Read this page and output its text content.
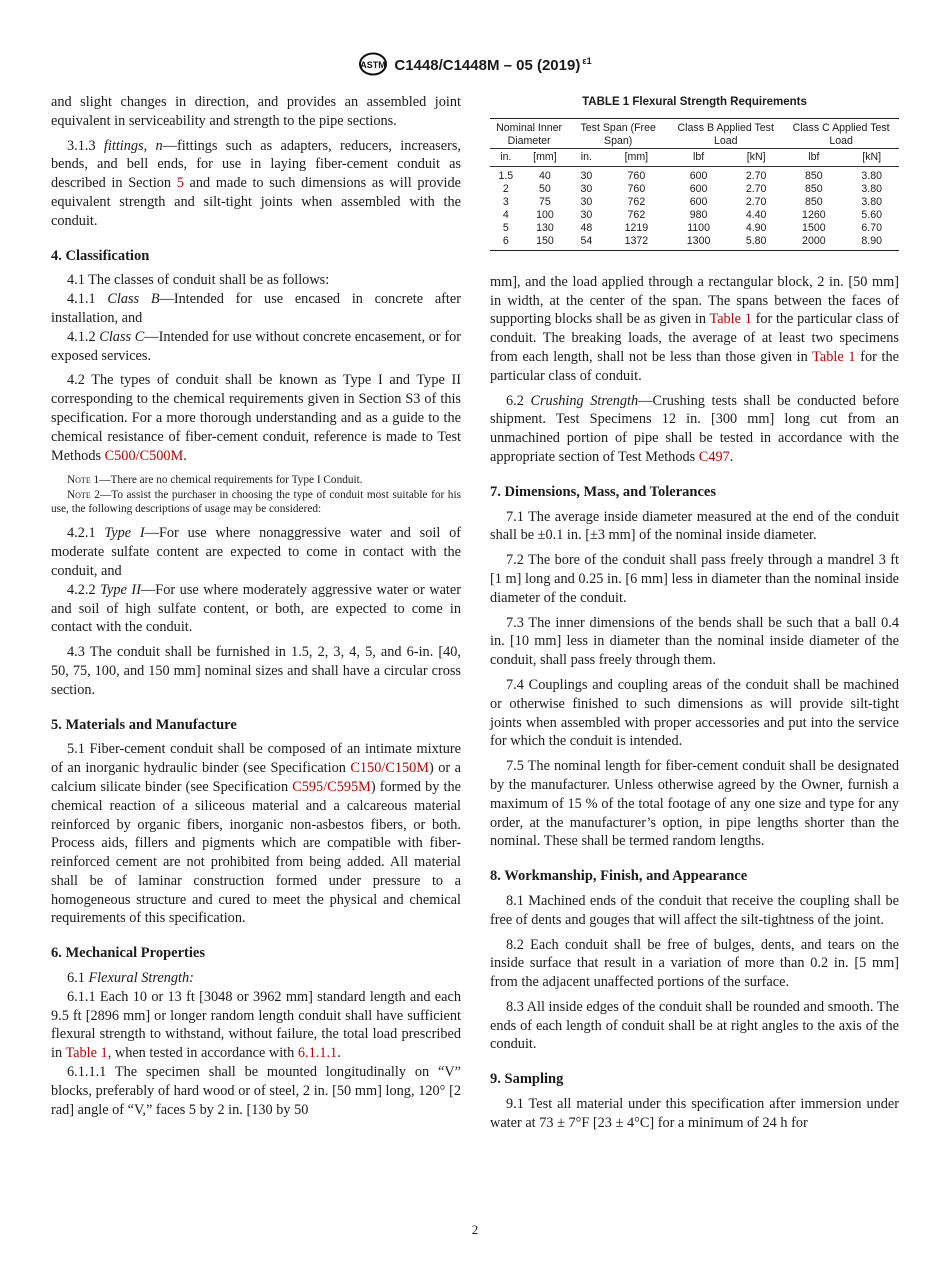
ASTM C1448/C1448M – 05 (2019) $^{\varepsilon 1}$

and slight changes in direction, and provides an assembled joint equivalent in serviceability and strength to the pipe sections.

3.1.3 fittings, n—fittings such as adapters, reducers, increasers, bends, and bell ends, for use in laying fiber-cement conduit as described in Section 5 and made to such dimensions as will provide equivalent strength and silt-tight joints when assembled with the conduit.

4. Classification

4.1 The classes of conduit shall be as follows:

4.1.1 Class B—Intended for use encased in concrete after installation, and

4.1.2 Class C—Intended for use without concrete encasement, or for exposed services.

4.2 The types of conduit shall be known as Type I and Type II corresponding to the chemical requirements given in Section S3 of this specification. For a more thorough understanding and as a guide to the chemical resistance of fiber-cement conduit, reference is made to Test Methods C500/C500M.

Note 1—There are no chemical requirements for Type I Conduit.

Note 2—To assist the purchaser in choosing the type of conduit most suitable for his use, the following descriptions of usage may be considered:

4.2.1 Type I—For use where nonaggressive water and soil of moderate sulfate content are expected to come in contact with the conduit, and

4.2.2 Type II—For use where moderately aggressive water or water and soil of high sulfate content, or both, are expected to come in contact with the conduit.

4.3 The conduit shall be furnished in 1.5, 2, 3, 4, 5, and 6-in. [40, 50, 75, 100, and 150 mm] nominal sizes and shall have a circular cross section.

5. Materials and Manufacture

5.1 Fiber-cement conduit shall be composed of an intimate mixture of an inorganic hydraulic binder (see Specification C150/C150M) or a calcium silicate binder (see Specification C595/C595M) formed by the chemical reaction of a siliceous material and a calcareous material reinforced by organic fibers, inorganic non-asbestos fibers, or both. Process aids, fillers and pigments which are compatible with fiber-reinforced cement are not prohibited from being added. All material shall be of laminar construction formed under pressure to a homogeneous structure and cured to meet the physical and chemical requirements of this specification.

6. Mechanical Properties

6.1 Flexural Strength:

6.1.1 Each 10 or 13 ft [3048 or 3962 mm] standard length and each 9.5 ft [2896 mm] or longer random length conduit shall have sufficient flexural strength to withstand, without failure, the total load prescribed in Table 1, when tested in accordance with 6.1.1.1.

6.1.1.1 The specimen shall be mounted longitudinally on “V” blocks, preferably of hard wood or of steel, 2 in. [50 mm] long, 120° [2 rad] angle of “V,” faces 5 by 2 in. [130 by 50

TABLE 1 Flexural Strength Requirements
Nominal Inner Diameter		Test Span (Free Span)		Class B Applied Test Load		Class C Applied Test Load	
in.	[mm]	in.	[mm]	lbf	[kN]	lbf	[kN]
1.5	40	30	760	600	2.70	850	3.80
2	50	30	760	600	2.70	850	3.80
3	75	30	762	600	2.70	850	3.80
4	100	30	762	980	4.40	1260	5.60
5	130	48	1219	1100	4.90	1500	6.70
6	150	54	1372	1300	5.80	2000	8.90

mm], and the load applied through a rectangular block, 2 in. [50 mm] in width, at the center of the span. The spans between the faces of supporting blocks shall be as given in Table 1 for the particular class of conduit. The breaking loads, the average of at least two specimens from each length, shall not be less than those given in Table 1 for the particular class of conduit.

6.2 Crushing Strength—Crushing tests shall be conducted before shipment. Test Specimens 12 in. [300 mm] long cut from an unmachined portion of pipe shall be tested in accordance with the appropriate section of Test Methods C497.

7. Dimensions, Mass, and Tolerances

7.1 The average inside diameter measured at the end of the conduit shall be ±0.1 in. [±3 mm] of the nominal inside diameter.

7.2 The bore of the conduit shall pass freely through a mandrel 3 ft [1 m] long and 0.25 in. [6 mm] less in diameter than the nominal inside diameter of the conduit.

7.3 The inner dimensions of the bends shall be such that a ball 0.4 in. [10 mm] less in diameter than the nominal inside diameter of the conduit, shall pass freely through them.

7.4 Couplings and coupling areas of the conduit shall be machined or otherwise finished to such dimensions as will provide silt-tight joints when assembled with proper accessories and put into the service for which the conduit is intended.

7.5 The nominal length for fiber-cement conduit shall be designated by the manufacturer. Unless otherwise agreed by the Owner, furnish a maximum of 15 % of the total footage of any one size and type for any order, at the manufacturer’s option, in pipe lengths shorter than the nominal. These shall be termed random lengths.

8. Workmanship, Finish, and Appearance

8.1 Machined ends of the conduit that receive the coupling shall be free of dents and gouges that will affect the silt-tightness of the joint.

8.2 Each conduit shall be free of bulges, dents, and tears on the inside surface that result in a variation of more than 0.2 in. [5 mm] from the adjacent unaffected portions of the surface.

8.3 All inside edges of the conduit shall be rounded and smooth. The ends of each length of conduit shall be at right angles to the axis of the conduit.

9. Sampling

9.1 Test all material under this specification after immersion under water at 73 ± 7°F [23 ± 4°C] for a minimum of 24 h for

2
